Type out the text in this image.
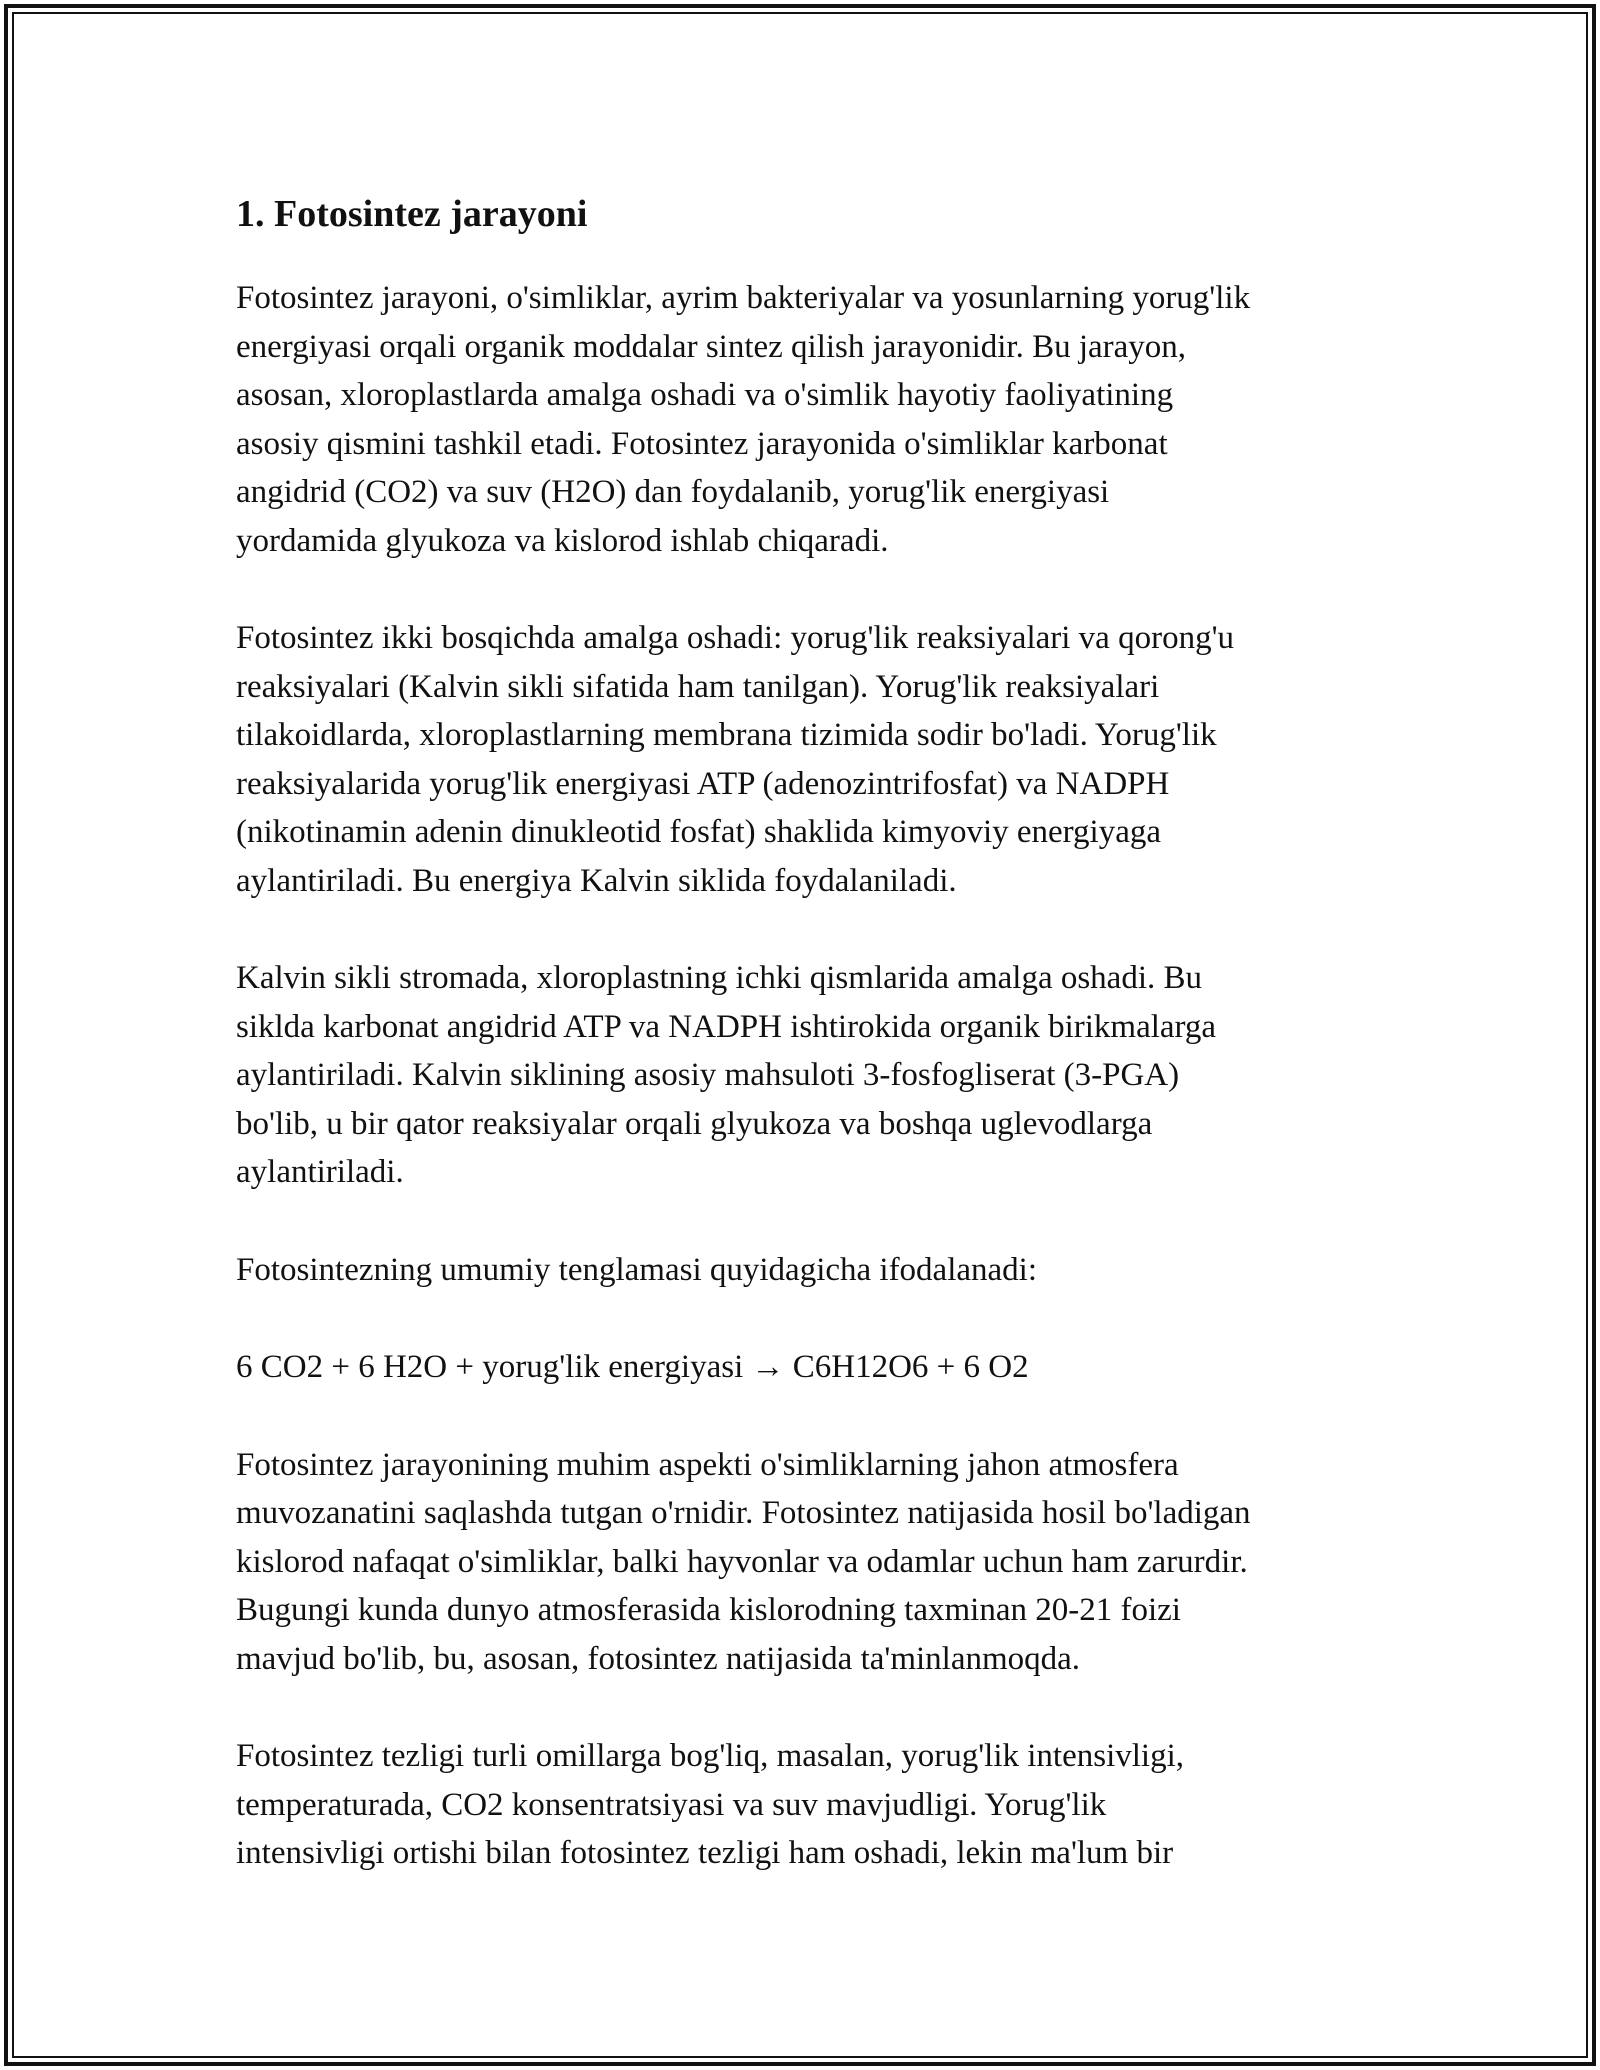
1. Fotosintez jarayoni

Fotosintez jarayoni, o'simliklar, ayrim bakteriyalar va yosunlarning yorug'lik
energiyasi orqali organik moddalar sintez qilish jarayonidir. Bu jarayon,
asosan, xloroplastlarda amalga oshadi va o'simlik hayotiy faoliyatining
asosiy qismini tashkil etadi. Fotosintez jarayonida o'simliklar karbonat
angidrid (CO2) va suv (H2O) dan foydalanib, yorug'lik energiyasi
yordamida glyukoza va kislorod ishlab chiqaradi.

Fotosintez ikki bosqichda amalga oshadi: yorug'lik reaksiyalari va qorong'u
reaksiyalari (Kalvin sikli sifatida ham tanilgan). Yorug'lik reaksiyalari
tilakoidlarda, xloroplastlarning membrana tizimida sodir bo'ladi. Yorug'lik
reaksiyalarida yorug'lik energiyasi ATP (adenozintrifosfat) va NADPH
(nikotinamin adenin dinukleotid fosfat) shaklida kimyoviy energiyaga
aylantiriladi. Bu energiya Kalvin siklida foydalaniladi.

Kalvin sikli stromada, xloroplastning ichki qismlarida amalga oshadi. Bu
siklda karbonat angidrid ATP va NADPH ishtirokida organik birikmalarga
aylantiriladi. Kalvin siklining asosiy mahsuloti 3-fosfogliserat (3-PGA)
bo'lib, u bir qator reaksiyalar orqali glyukoza va boshqa uglevodlarga
aylantiriladi.

Fotosintezning umumiy tenglamasi quyidagicha ifodalanadi:

6 CO2 + 6 H2O + yorug'lik energiyasi → C6H12O6 + 6 O2

Fotosintez jarayonining muhim aspekti o'simliklarning jahon atmosfera
muvozanatini saqlashda tutgan o'rnidir. Fotosintez natijasida hosil bo'ladigan
kislorod nafaqat o'simliklar, balki hayvonlar va odamlar uchun ham zarurdir.
Bugungi kunda dunyo atmosferasida kislorodning taxminan 20-21 foizi
mavjud bo'lib, bu, asosan, fotosintez natijasida ta'minlanmoqda.

Fotosintez tezligi turli omillarga bog'liq, masalan, yorug'lik intensivligi,
temperaturada, CO2 konsentratsiyasi va suv mavjudligi. Yorug'lik
intensivligi ortishi bilan fotosintez tezligi ham oshadi, lekin ma'lum bir
